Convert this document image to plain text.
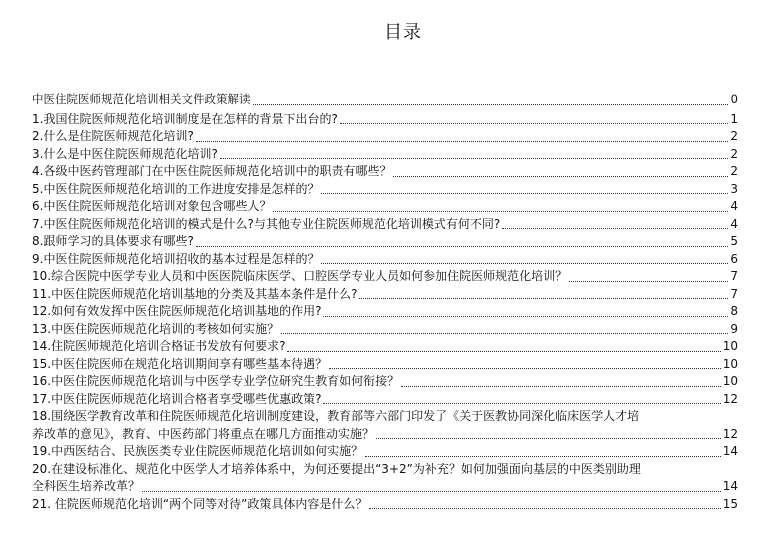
目录
中医住院医师规范化培训相关文件政策解读	0
1.我国住院医师规范化培训制度是在怎样的背景下出台的?	1
2.什么是住院医师规范化培训?	2
3.什么是中医住院医师规范化培训?	2
4.各级中医药管理部门在中医住院医师规范化培训中的职责有哪些？	2
5.中医住院医师规范化培训的工作进度安排是怎样的？	3
6.中医住院医师规范化培训对象包含哪些人？	4
7.中医住院医师规范化培训的模式是什么?与其他专业住院医师规范化培训模式有何不同?	4
8.跟师学习的具体要求有哪些?	5
9.中医住院医师规范化培训招收的基本过程是怎样的？	6
10.综合医院中医学专业人员和中医医院临床医学、口腔医学专业人员如何参加住院医师规范化培训？	7
11.中医住院医师规范化培训基地的分类及其基本条件是什么?	7
12.如何有效发挥中医住院医师规范化培训基地的作用?	8
13.中医住院医师规范化培训的考核如何实施？	9
14.住院医师规范化培训合格证书发放有何要求?	10
15.中医住院医师在规范化培训期间享有哪些基本待遇？	10
16.中医住院医师规范化培训与中医学专业学位研究生教育如何衔接？	10
17.中医住院医师规范化培训合格者享受哪些优惠政策?	12
18.围绕医学教育改革和住院医师规范化培训制度建设，教育部等六部门印发了《关于医教协同深化临床医学人才培
养改革的意见》，教育、中医药部门将重点在哪几方面推动实施？	12
19.中西医结合、民族医类专业住院医师规范化培训如何实施？	14
20.在建设标准化、规范化中医学人才培养体系中，为何还要提出“3+2”为补充？如何加强面向基层的中医类别助理
全科医生培养改革？	14
21. 住院医师规范化培训“两个同等对待”政策具体内容是什么？	15
